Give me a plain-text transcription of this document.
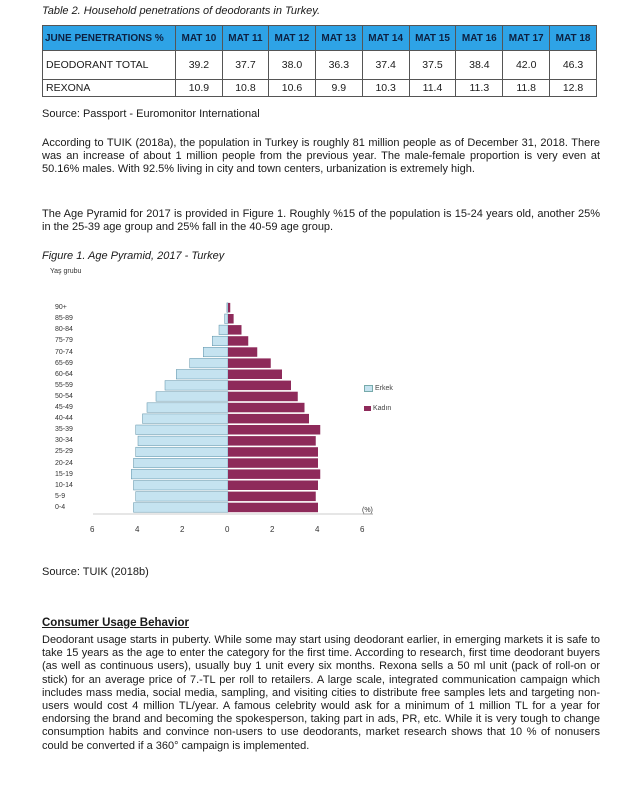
Table 2. Household penetrations of deodorants in Turkey.
JUNE PENETRATIONS %	MAT 10	MAT 11	MAT 12	MAT 13	MAT 14	MAT 15	MAT 16	MAT 17	MAT 18
DEODORANT TOTAL	39.2	37.7	38.0	36.3	37.4	37.5	38.4	42.0	46.3
REXONA	10.9	10.8	10.6	9.9	10.3	11.4	11.3	11.8	12.8
Source: Passport - Euromonitor International
According to TUIK (2018a), the population in Turkey is roughly 81 million people as of December 31, 2018. There was an increase of about 1 million people from the previous year. The male-female proportion is very even at 50.16% males. With 92.5% living in city and town centers, urbanization is extremely high.
The Age Pyramid for 2017 is provided in Figure 1. Roughly %15 of the population is 15-24 years old, another 25% in the 25-39 age group and 25% fall in the 40-59 age group.
Figure 1. Age Pyramid, 2017 - Turkey
Yaş grubu
0-4
5-9
10-14
15-19
20-24
25-29
30-34
35-39
40-44
45-49
50-54
55-59
60-64
65-69
70-74
75-79
80-84
85-89
90+
6	4	2	0	2	4	6
(%)
Erkek
Kadın
Source: TUIK (2018b)
Consumer Usage Behavior
Deodorant usage starts in puberty. While some may start using deodorant earlier, in emerging markets it is safe to take 15 years as the age to enter the category for the first time. According to research, first time deodorant buyers (as well as continuous users), usually buy 1 unit every six months. Rexona sells a 50 ml unit (pack of roll-on or stick) for an average price of 7.-TL per roll to retailers. A large scale, integrated communication campaign which includes mass media, social media, sampling, and visiting cities to distribute free samples lets and targeting non-users would cost 4 million TL/year. A famous celebrity would ask for a minimum of 1 million TL for a year for endorsing the brand and becoming the spokesperson, taking part in ads, PR, etc. While it is very tough to change consumption habits and convince non-users to use deodorants, market research shows that 10 % of nonusers could be converted if a 360° campaign is implemented.
